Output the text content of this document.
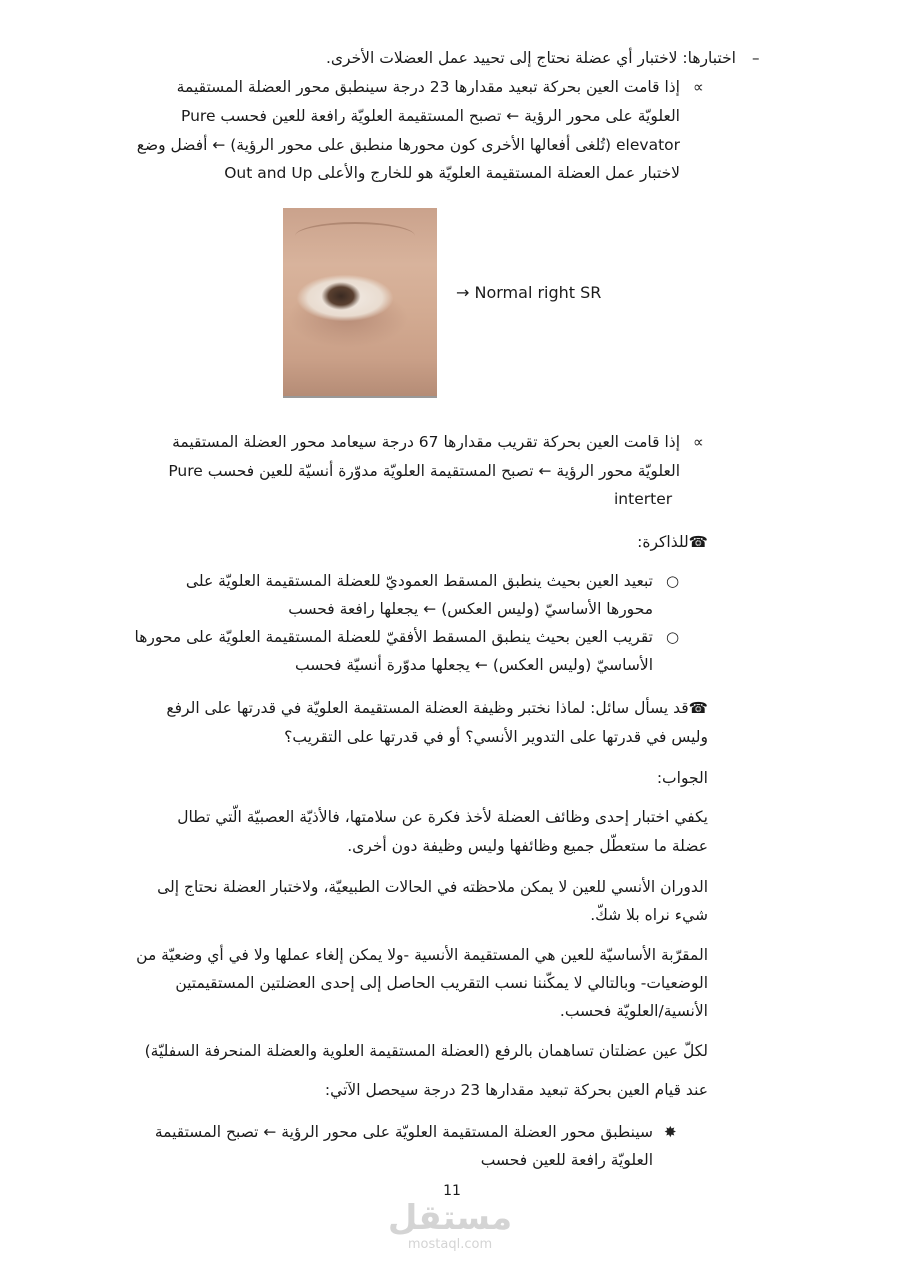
–
∝
∝
○
○
✸
اختبارها: لاختبار أي عضلة نحتاج إلى تحييد عمل العضلات الأخرى.
إذا قامت العين بحركة تبعيد مقدارها 23 درجة سينطبق محور العضلة المستقيمة
العلويّة على محور الرؤية ← تصبح المستقيمة العلويّة رافعة للعين فحسب Pure
elevator (تُلغى أفعالها الأخرى كون محورها منطبق على محور الرؤية) ← أفضل وضع
لاختبار عمل العضلة المستقيمة العلويّة هو للخارج والأعلى Out and Up
→ Normal right SR
إذا قامت العين بحركة تقريب مقدارها 67 درجة سيعامد محور العضلة المستقيمة
العلويّة محور الرؤية ← تصبح المستقيمة العلويّة مدوّرة أنسيّة للعين فحسب Pure
interter
☎للذاكرة:
تبعيد العين بحيث ينطبق المسقط العموديّ للعضلة المستقيمة العلويّة على
محورها الأساسيّ (وليس العكس) ← يجعلها رافعة فحسب
تقريب العين بحيث ينطبق المسقط الأفقيّ للعضلة المستقيمة العلويّة على محورها
الأساسيّ (وليس العكس) ← يجعلها مدوّرة أنسيّة فحسب
☎قد يسأل سائل: لماذا نختبر وظيفة العضلة المستقيمة العلويّة في قدرتها على الرفع
وليس في قدرتها على التدوير الأنسي؟ أو في قدرتها على التقريب؟
الجواب:
يكفي اختبار إحدى وظائف العضلة لأخذ فكرة عن سلامتها، فالأذيّة العصبيّة الّتي تطال
عضلة ما ستعطّل جميع وظائفها وليس وظيفة دون أخرى.
الدوران الأنسي للعين لا يمكن ملاحظته في الحالات الطبيعيّة، ولاختبار العضلة نحتاج إلى
شيء نراه بلا شكّ.
المقرّبة الأساسيّة للعين هي المستقيمة الأنسية -ولا يمكن إلغاء عملها ولا في أي وضعيّة من
الوضعيات- وبالتالي لا يمكّننا نسب التقريب الحاصل إلى إحدى العضلتين المستقيمتين
الأنسية/العلويّة فحسب.
لكلّ عين عضلتان تساهمان بالرفع (العضلة المستقيمة العلوية والعضلة المنحرفة السفليّة)
عند قيام العين بحركة تبعيد مقدارها 23 درجة سيحصل الآتي:
سينطبق محور العضلة المستقيمة العلويّة على محور الرؤية ← تصبح المستقيمة
العلويّة رافعة للعين فحسب
11
مستقل
mostaql.com
